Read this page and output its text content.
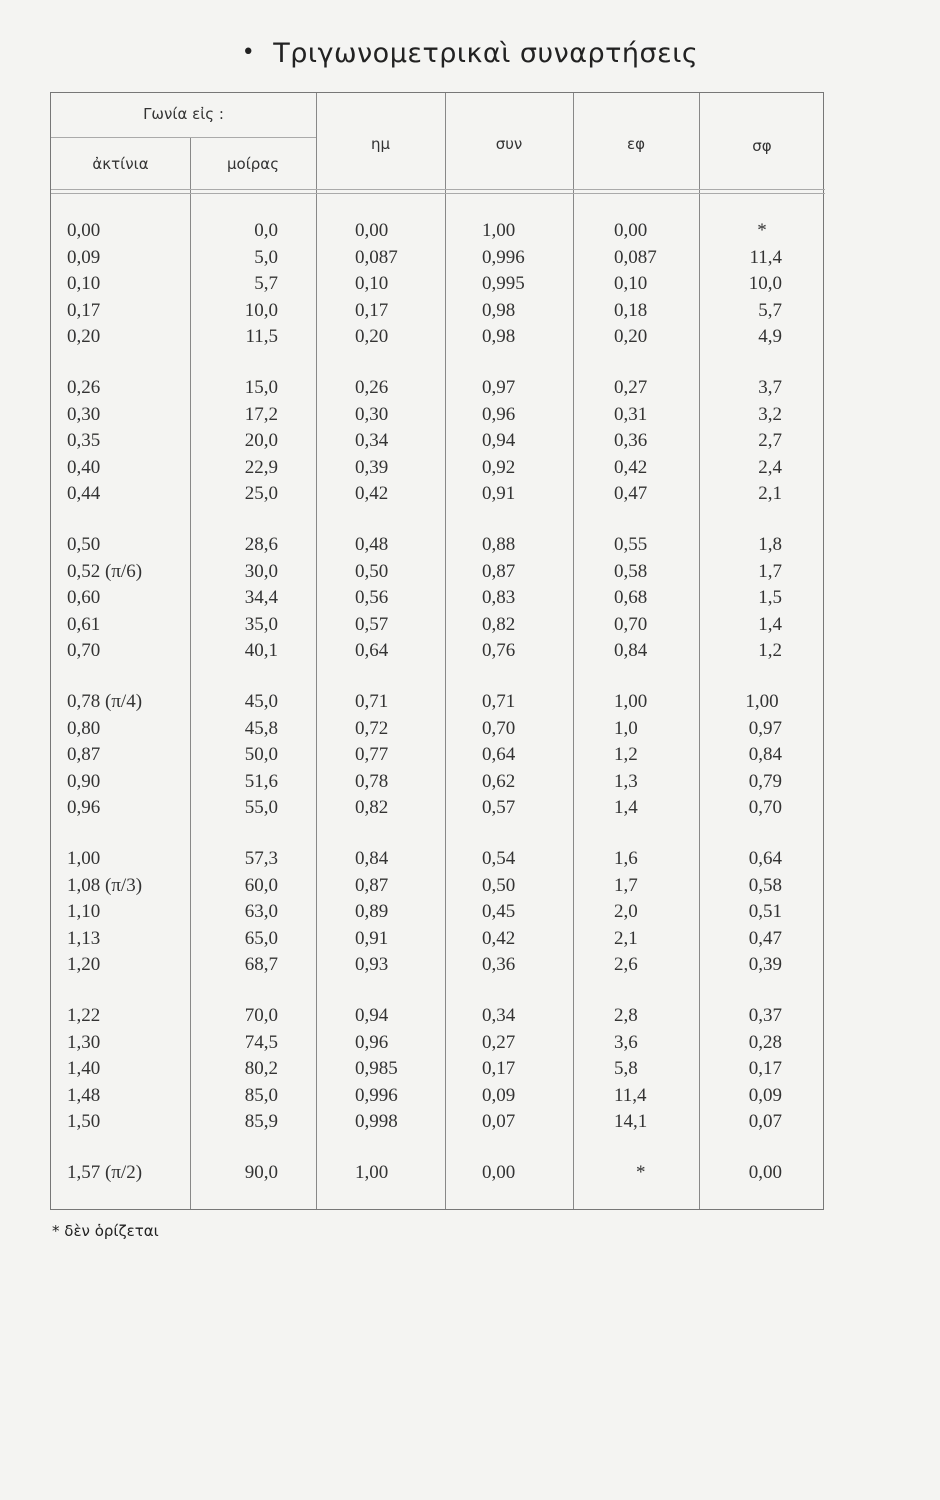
• Τριγωνομετρικαὶ συναρτήσεις
Γωνία εἰς :
ἀκτίνια	μοίρας
ημ	συν	εφ	σφ
0,00	0,0	0,00	1,00	0,00	*
0,09	5,0	0,087	0,996	0,087	11,4
0,10	5,7	0,10	0,995	0,10	10,0
0,17	10,0	0,17	0,98	0,18	5,7
0,20	11,5	0,20	0,98	0,20	4,9
0,26	15,0	0,26	0,97	0,27	3,7
0,30	17,2	0,30	0,96	0,31	3,2
0,35	20,0	0,34	0,94	0,36	2,7
0,40	22,9	0,39	0,92	0,42	2,4
0,44	25,0	0,42	0,91	0,47	2,1
0,50	28,6	0,48	0,88	0,55	1,8
0,52 (π/6)	30,0	0,50	0,87	0,58	1,7
0,60	34,4	0,56	0,83	0,68	1,5
0,61	35,0	0,57	0,82	0,70	1,4
0,70	40,1	0,64	0,76	0,84	1,2
0,78 (π/4)	45,0	0,71	0,71	1,00	1,00
0,80	45,8	0,72	0,70	1,0	0,97
0,87	50,0	0,77	0,64	1,2	0,84
0,90	51,6	0,78	0,62	1,3	0,79
0,96	55,0	0,82	0,57	1,4	0,70
1,00	57,3	0,84	0,54	1,6	0,64
1,08 (π/3)	60,0	0,87	0,50	1,7	0,58
1,10	63,0	0,89	0,45	2,0	0,51
1,13	65,0	0,91	0,42	2,1	0,47
1,20	68,7	0,93	0,36	2,6	0,39
1,22	70,0	0,94	0,34	2,8	0,37
1,30	74,5	0,96	0,27	3,6	0,28
1,40	80,2	0,985	0,17	5,8	0,17
1,48	85,0	0,996	0,09	11,4	0,09
1,50	85,9	0,998	0,07	14,1	0,07
1,57 (π/2)	90,0	1,00	0,00	*	0,00
* δὲν ὁρίζεται
